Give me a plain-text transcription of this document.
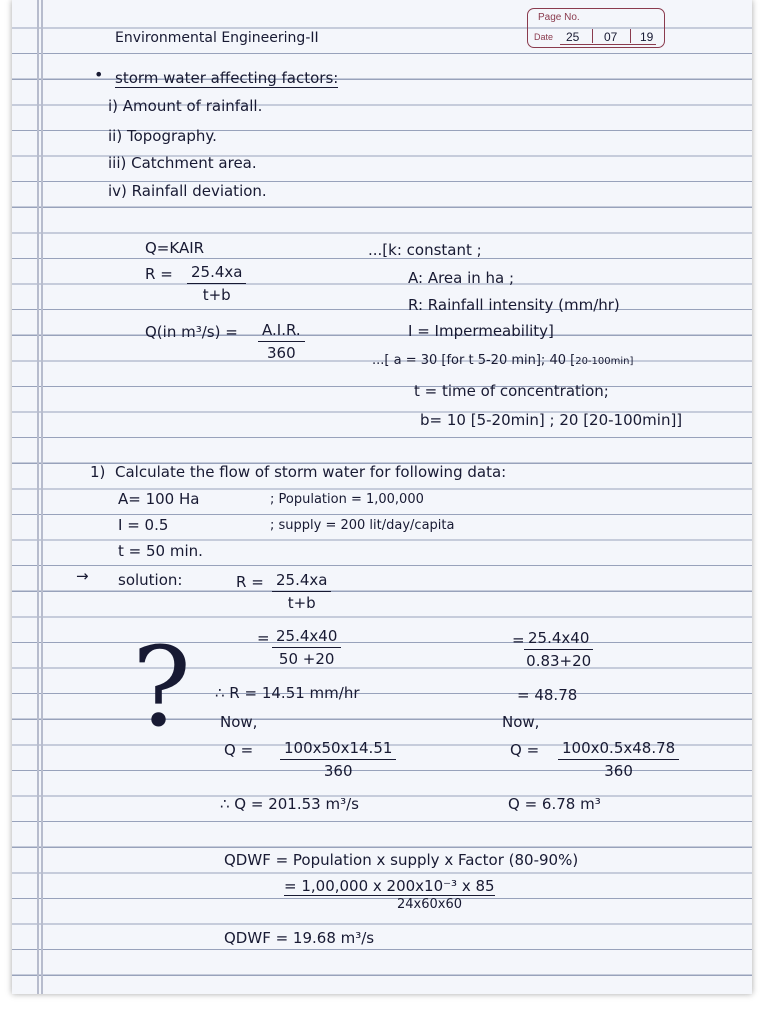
Page No.
Date 25 07 19
Environmental Engineering-II
• storm water affecting factors:
i) Amount of rainfall.
ii) Topography.
iii) Catchment area.
iv) Rainfall deviation.
Q=KAIR
$R = \frac{25.4xa}{t+b}$
Q(in $m^3/s) = \frac{A.I.R.}{360}$
...[k: constant ;
A: Area in ha ;
R: Rainfall intensity (mm/hr)
I = Impermeability]
...[ a = 30 [for t 5-20 min]; 40 [20-100min]
t = time of concentration;
b= 10 [5-20min] ; 20 [20-100min]]
1) Calculate the flow of storm water for following data:
A= 100 Ha	; Population = 1,00,000
I = 0.5	; supply = 200 lit/day/capita
t = 50 min.
→ solution:	$R = \frac{25.4xa}{t+b}$
= $\frac{25.4x40}{50 +20}$
∴ R = 14.51 mm/hr
Now,
$Q = \frac{100x50x14.51}{360}$
∴ Q = 201.53 m³/s
= $\frac{25.4x40}{0.83+20}$
= 48.78
Now,
$Q = \frac{100x0.5x48.78}{360}$
Q = 6.78 m³
?
QDWF = Population x supply x Factor (80-90%)
= 1,00,000 x 200x10⁻³ x 85
24x60x60
QDWF = 19.68 m³/s
